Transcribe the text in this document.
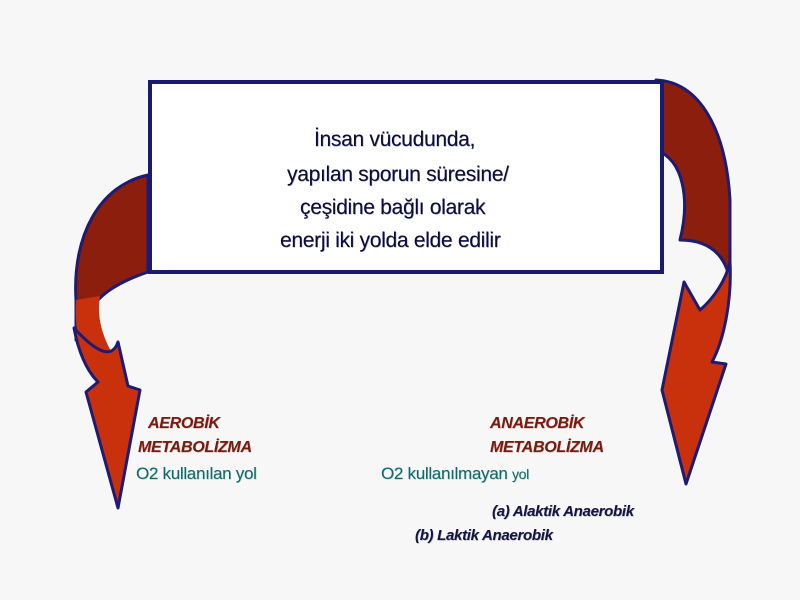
İnsan vücudunda,
yapılan sporun süresine/
çeşidine bağlı olarak
enerji iki yolda elde edilir
AEROBİK
METABOLİZMA
O2 kullanılan yol
ANAEROBİK
METABOLİZMA
O2 kullanılmayan yol
(a) Alaktik Anaerobik
(b) Laktik Anaerobik
